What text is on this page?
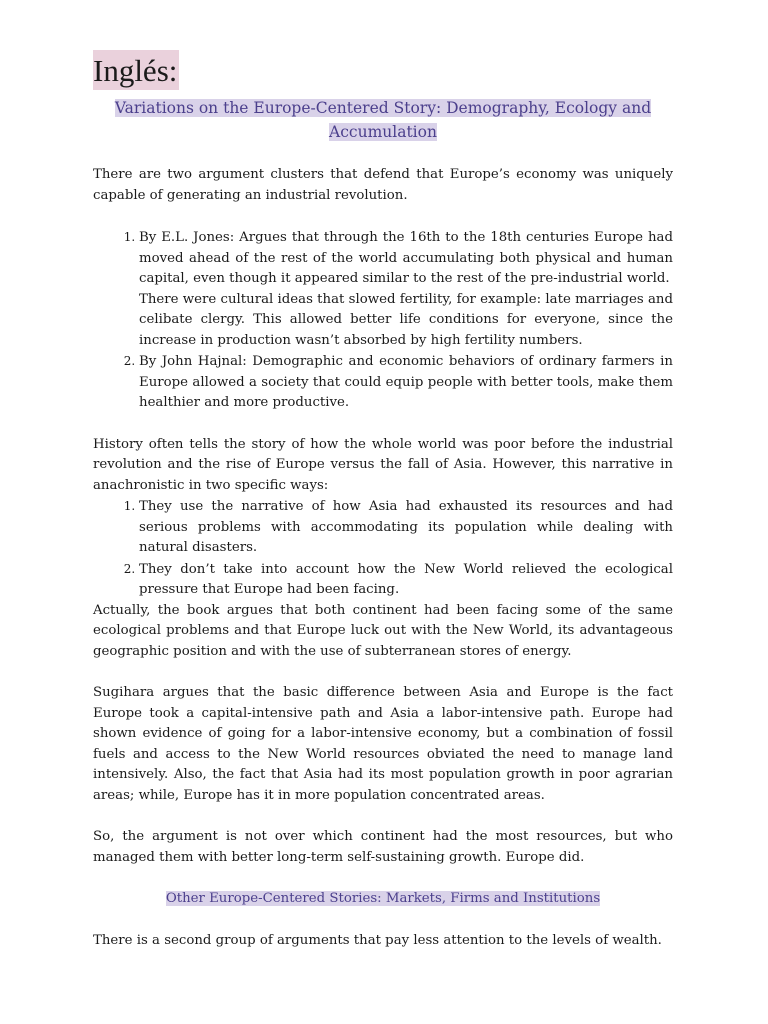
Inglés:
Variations on the Europe-Centered Story: Demography, Ecology and Accumulation

There are two argument clusters that defend that Europe’s economy was uniquely capable of generating an industrial revolution.

1. By E.L. Jones: Argues that through the 16th to the 18th centuries Europe had moved ahead of the rest of the world accumulating both physical and human capital, even though it appeared similar to the rest of the pre-industrial world.
There were cultural ideas that slowed fertility, for example: late marriages and celibate clergy. This allowed better life conditions for everyone, since the increase in production wasn’t absorbed by high fertility numbers.
2. By John Hajnal: Demographic and economic behaviors of ordinary farmers in Europe allowed a society that could equip people with better tools, make them healthier and more productive.

History often tells the story of how the whole world was poor before the industrial revolution and the rise of Europe versus the fall of Asia. However, this narrative in anachronistic in two specific ways:

1. They use the narrative of how Asia had exhausted its resources and had serious problems with accommodating its population while dealing with natural disasters.
2. They don’t take into account how the New World relieved the ecological pressure that Europe had been facing.

Actually, the book argues that both continent had been facing some of the same ecological problems and that Europe luck out with the New World, its advantageous geographic position and with the use of subterranean stores of energy.

Sugihara argues that the basic difference between Asia and Europe is the fact Europe took a capital-intensive path and Asia a labor-intensive path. Europe had shown evidence of going for a labor-intensive economy, but a combination of fossil fuels and access to the New World resources obviated the need to manage land intensively. Also, the fact that Asia had its most population growth in poor agrarian areas; while, Europe has it in more population concentrated areas.

So, the argument is not over which continent had the most resources, but who managed them with better long-term self-sustaining growth. Europe did.

Other Europe-Centered Stories: Markets, Firms and Institutions

There is a second group of arguments that pay less attention to the levels of wealth.
